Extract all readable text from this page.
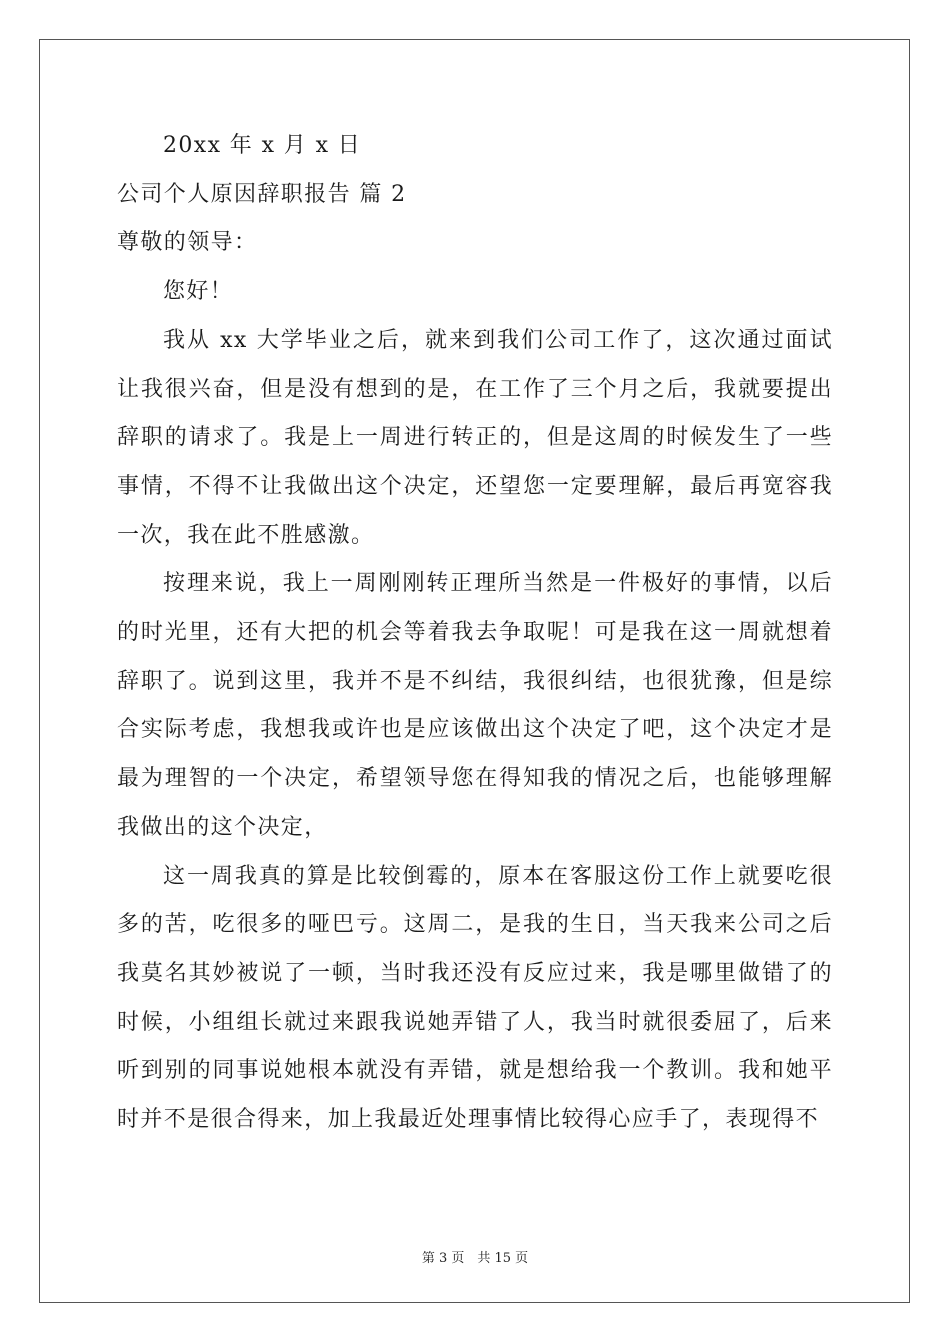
20xx 年 x 月 x 日

公司个人原因辞职报告 篇 2

尊敬的领导：

您好！

我从 xx 大学毕业之后，就来到我们公司工作了，这次通过面试让我很兴奋，但是没有想到的是，在工作了三个月之后，我就要提出辞职的请求了。我是上一周进行转正的，但是这周的时候发生了一些事情，不得不让我做出这个决定，还望您一定要理解，最后再宽容我一次，我在此不胜感激。

按理来说，我上一周刚刚转正理所当然是一件极好的事情，以后的时光里，还有大把的机会等着我去争取呢！可是我在这一周就想着辞职了。说到这里，我并不是不纠结，我很纠结，也很犹豫，但是综合实际考虑，我想我或许也是应该做出这个决定了吧，这个决定才是最为理智的一个决定，希望领导您在得知我的情况之后，也能够理解我做出的这个决定，

这一周我真的算是比较倒霉的，原本在客服这份工作上就要吃很多的苦，吃很多的哑巴亏。这周二，是我的生日，当天我来公司之后我莫名其妙被说了一顿，当时我还没有反应过来，我是哪里做错了的时候，小组组长就过来跟我说她弄错了人，我当时就很委屈了，后来听到别的同事说她根本就没有弄错，就是想给我一个教训。我和她平时并不是很合得来，加上我最近处理事情比较得心应手了，表现得不

第 3 页　共 15 页
